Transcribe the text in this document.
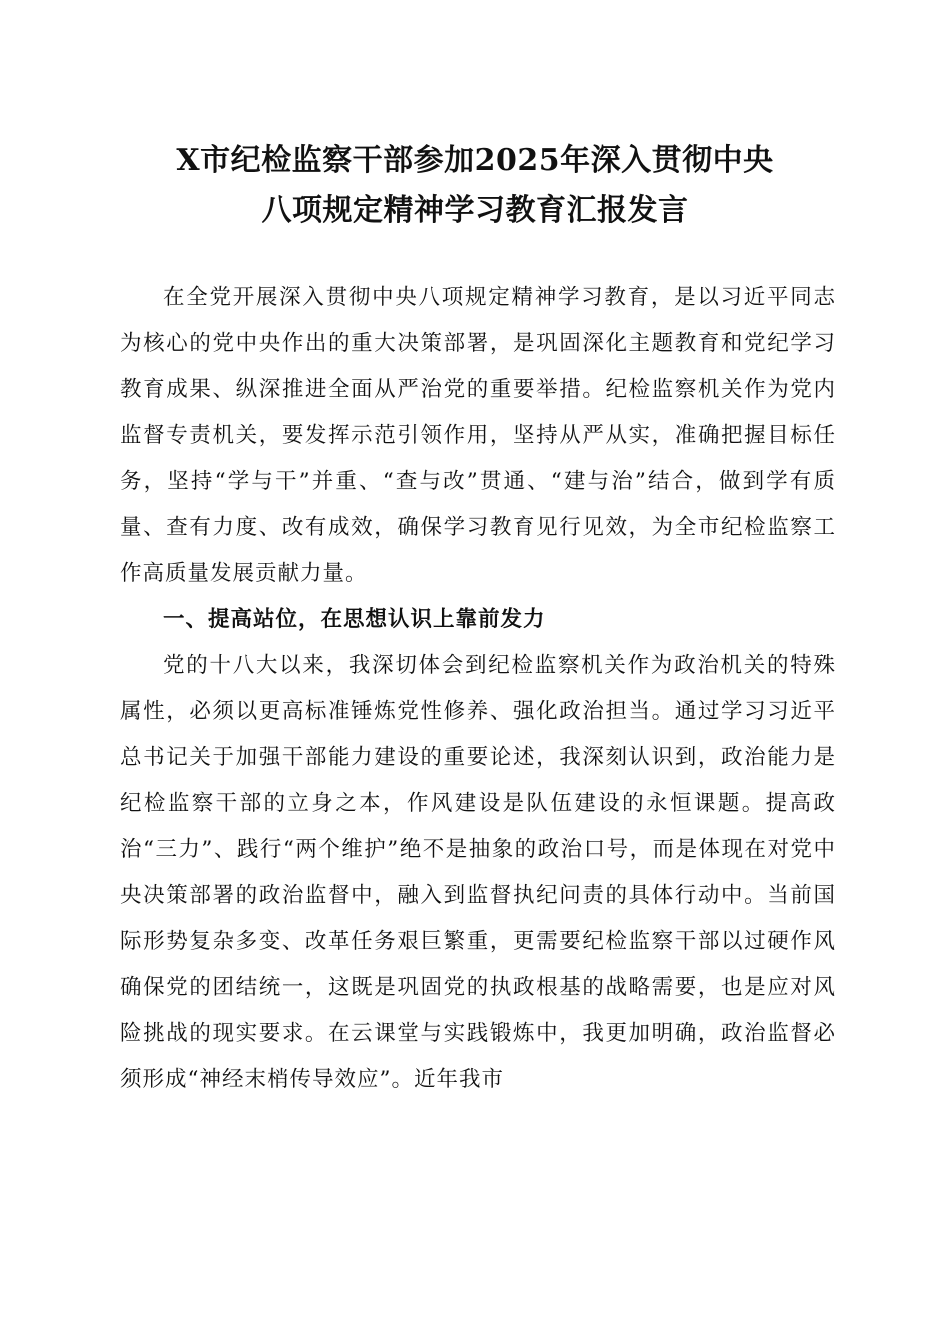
X市纪检监察干部参加2025年深入贯彻中央
八项规定精神学习教育汇报发言

在全党开展深入贯彻中央八项规定精神学习教育，是以习近平同志为核心的党中央作出的重大决策部署，是巩固深化主题教育和党纪学习教育成果、纵深推进全面从严治党的重要举措。纪检监察机关作为党内监督专责机关，要发挥示范引领作用，坚持从严从实，准确把握目标任务，坚持“学与干”并重、“查与改”贯通、“建与治”结合，做到学有质量、查有力度、改有成效，确保学习教育见行见效，为全市纪检监察工作高质量发展贡献力量。

一、提高站位，在思想认识上靠前发力

党的十八大以来，我深切体会到纪检监察机关作为政治机关的特殊属性，必须以更高标准锤炼党性修养、强化政治担当。通过学习习近平总书记关于加强干部能力建设的重要论述，我深刻认识到，政治能力是纪检监察干部的立身之本，作风建设是队伍建设的永恒课题。提高政治“三力”、践行“两个维护”绝不是抽象的政治口号，而是体现在对党中央决策部署的政治监督中，融入到监督执纪问责的具体行动中。当前国际形势复杂多变、改革任务艰巨繁重，更需要纪检监察干部以过硬作风确保党的团结统一，这既是巩固党的执政根基的战略需要，也是应对风险挑战的现实要求。在云课堂与实践锻炼中，我更加明确，政治监督必须形成“神经末梢传导效应”。近年我市
